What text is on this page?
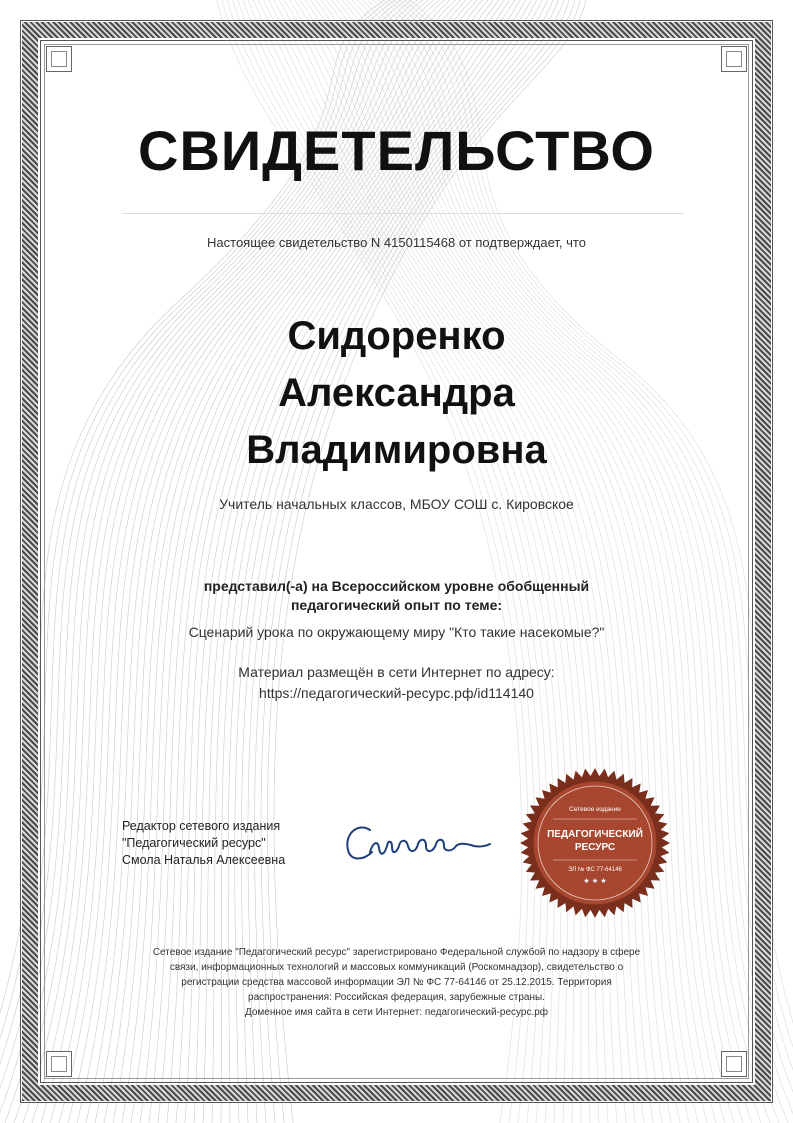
СВИДЕТЕЛЬСТВО
Настоящее свидетельство N 4150115468 от подтверждает, что
Сидоренко
Александра
Владимировна
Учитель начальных классов, МБОУ СОШ с. Кировское
представил(-а) на Всероссийском уровне обобщенный
педагогический опыт по теме:
Сценарий урока по окружающему миру "Кто такие насекомые?"
Материал размещён в сети Интернет по адресу:
https://педагогический-ресурс.рф/id114140
Редактор сетевого издания
"Педагогический ресурс"
Смола Наталья Алексеевна
Сетевое издание
ПЕДАГОГИЧЕСКИЙ
РЕСУРС
ЭЛ № ФС 77-64146
★ ★ ★
Сетевое издание "Педагогический ресурс" зарегистрировано Федеральной службой по надзору в сфере
связи, информационных технологий и массовых коммуникаций (Роскомнадзор), свидетельство о
регистрации средства массовой информации ЭЛ № ФС 77-64146 от 25.12.2015. Территория
распространения: Российская федерация, зарубежные страны.
Доменное имя сайта в сети Интернет: педагогический-ресурс.рф
